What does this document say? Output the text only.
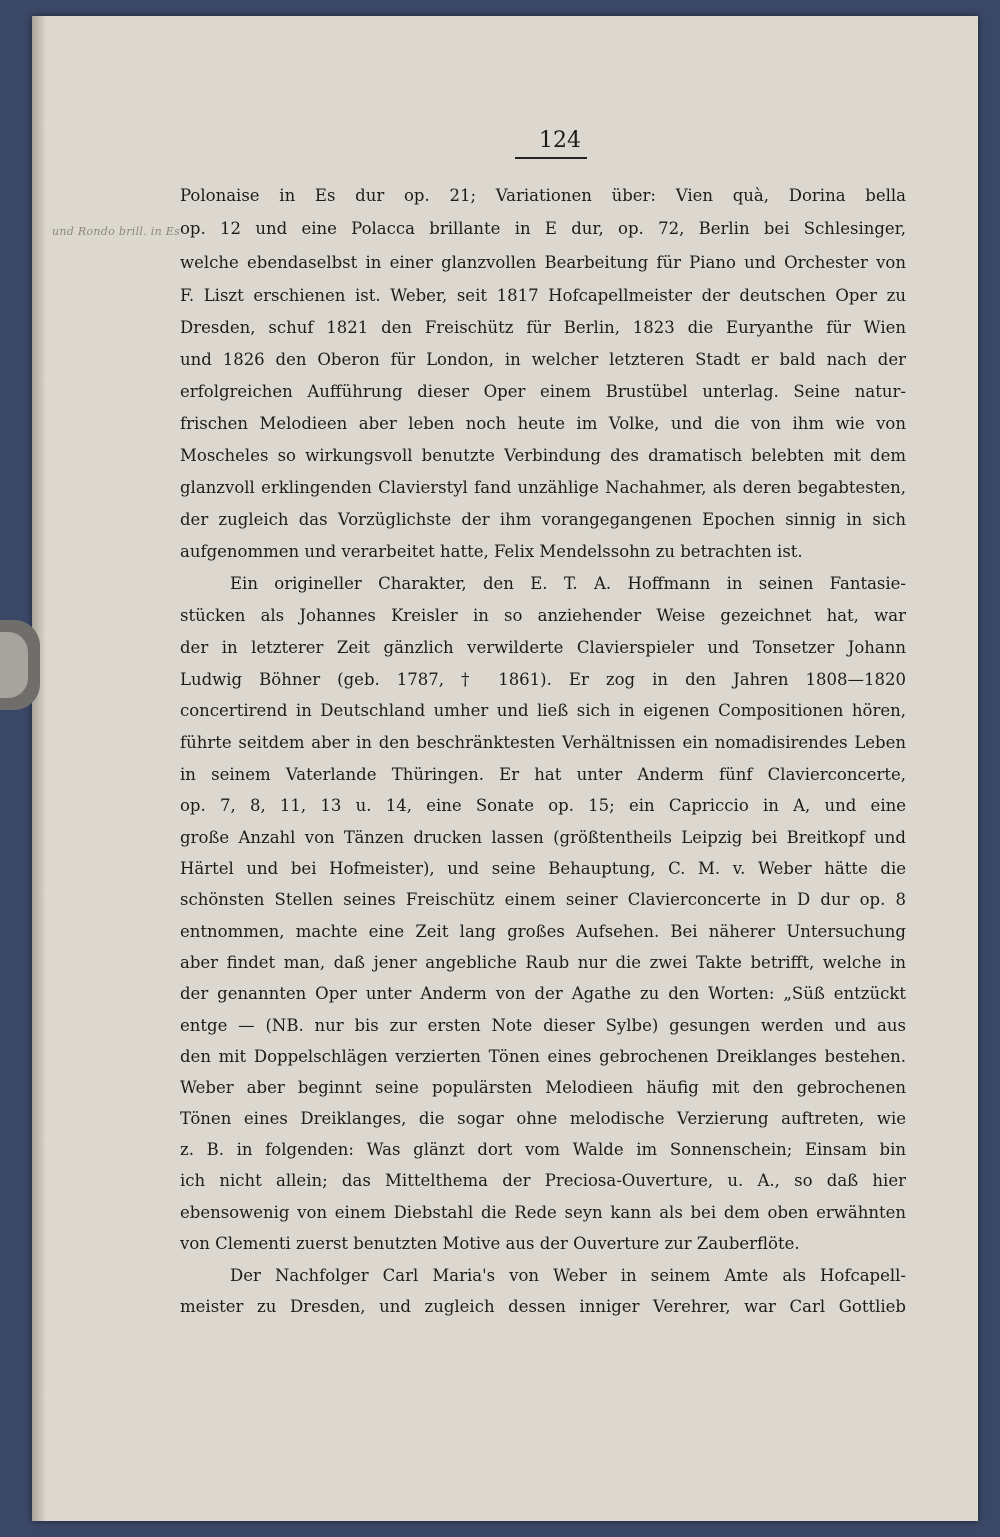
124
und Rondo brill. in Es
Polonaise in Es dur op. 21; Variationen über: Vien quà, Dorina bella
op. 12 und eine Polacca brillante in E dur, op. 72, Berlin bei Schlesinger,
welche ebendaselbst in einer glanzvollen Bearbeitung für Piano und Orchester von
F. Liszt erschienen ist. Weber, seit 1817 Hofcapellmeister der deutschen Oper zu
Dresden, schuf 1821 den Freischütz für Berlin, 1823 die Euryanthe für Wien
und 1826 den Oberon für London, in welcher letzteren Stadt er bald nach der
erfolgreichen Aufführung dieser Oper einem Brustübel unterlag. Seine natur-
frischen Melodieen aber leben noch heute im Volke, und die von ihm wie von
Moscheles so wirkungsvoll benutzte Verbindung des dramatisch belebten mit dem
glanzvoll erklingenden Clavierstyl fand unzählige Nachahmer, als deren begabtesten,
der zugleich das Vorzüglichste der ihm vorangegangenen Epochen sinnig in sich
aufgenommen und verarbeitet hatte, Felix Mendelssohn zu betrachten ist.
Ein origineller Charakter, den E. T. A. Hoffmann in seinen Fantasie-
stücken als Johannes Kreisler in so anziehender Weise gezeichnet hat, war
der in letzterer Zeit gänzlich verwilderte Clavierspieler und Tonsetzer Johann
Ludwig Böhner (geb. 1787, † 1861). Er zog in den Jahren 1808—1820
concertirend in Deutschland umher und ließ sich in eigenen Compositionen hören,
führte seitdem aber in den beschränktesten Verhältnissen ein nomadisirendes Leben
in seinem Vaterlande Thüringen. Er hat unter Anderm fünf Clavierconcerte,
op. 7, 8, 11, 13 u. 14, eine Sonate op. 15; ein Capriccio in A, und eine
große Anzahl von Tänzen drucken lassen (größtentheils Leipzig bei Breitkopf und
Härtel und bei Hofmeister), und seine Behauptung, C. M. v. Weber hätte die
schönsten Stellen seines Freischütz einem seiner Clavierconcerte in D dur op. 8
entnommen, machte eine Zeit lang großes Aufsehen. Bei näherer Untersuchung
aber findet man, daß jener angebliche Raub nur die zwei Takte betrifft, welche in
der genannten Oper unter Anderm von der Agathe zu den Worten: „Süß entzückt
entge — (NB. nur bis zur ersten Note dieser Sylbe) gesungen werden und aus
den mit Doppelschlägen verzierten Tönen eines gebrochenen Dreiklanges bestehen.
Weber aber beginnt seine populärsten Melodieen häufig mit den gebrochenen
Tönen eines Dreiklanges, die sogar ohne melodische Verzierung auftreten, wie
z. B. in folgenden: Was glänzt dort vom Walde im Sonnenschein; Einsam bin
ich nicht allein; das Mittelthema der Preciosa-Ouverture, u. A., so daß hier
ebensowenig von einem Diebstahl die Rede seyn kann als bei dem oben erwähnten
von Clementi zuerst benutzten Motive aus der Ouverture zur Zauberflöte.
Der Nachfolger Carl Maria's von Weber in seinem Amte als Hofcapell-
meister zu Dresden, und zugleich dessen inniger Verehrer, war Carl Gottlieb
